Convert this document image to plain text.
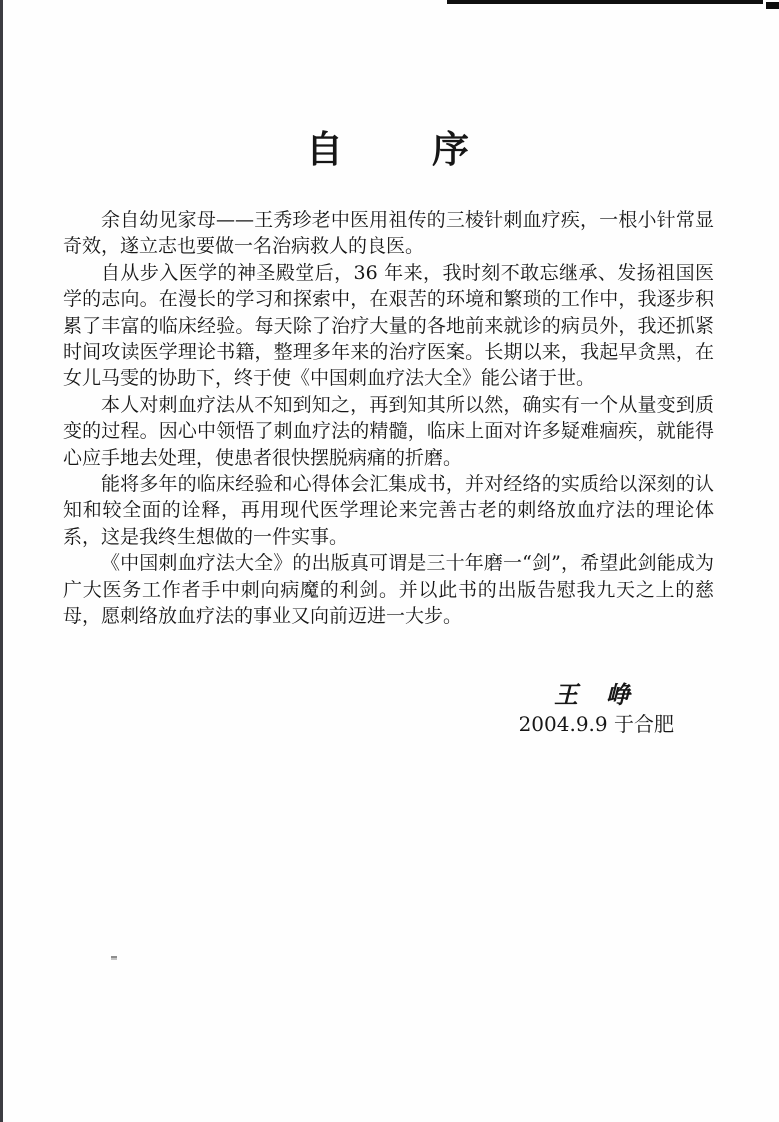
自 序

余自幼见家母——王秀珍老中医用祖传的三棱针刺血疗疾，一根小针常显奇效，遂立志也要做一名治病救人的良医。

自从步入医学的神圣殿堂后，36 年来，我时刻不敢忘继承、发扬祖国医学的志向。在漫长的学习和探索中，在艰苦的环境和繁琐的工作中，我逐步积累了丰富的临床经验。每天除了治疗大量的各地前来就诊的病员外，我还抓紧时间攻读医学理论书籍，整理多年来的治疗医案。长期以来，我起早贪黑，在女儿马雯的协助下，终于使《中国刺血疗法大全》能公诸于世。

本人对刺血疗法从不知到知之，再到知其所以然，确实有一个从量变到质变的过程。因心中领悟了刺血疗法的精髓，临床上面对许多疑难痼疾，就能得心应手地去处理，使患者很快摆脱病痛的折磨。

能将多年的临床经验和心得体会汇集成书，并对经络的实质给以深刻的认知和较全面的诠释，再用现代医学理论来完善古老的刺络放血疗法的理论体系，这是我终生想做的一件实事。

《中国刺血疗法大全》的出版真可谓是三十年磨一“剑”，希望此剑能成为广大医务工作者手中刺向病魔的利剑。并以此书的出版告慰我九天之上的慈母，愿刺络放血疗法的事业又向前迈进一大步。

王　峥
2004.9.9 于合肥
